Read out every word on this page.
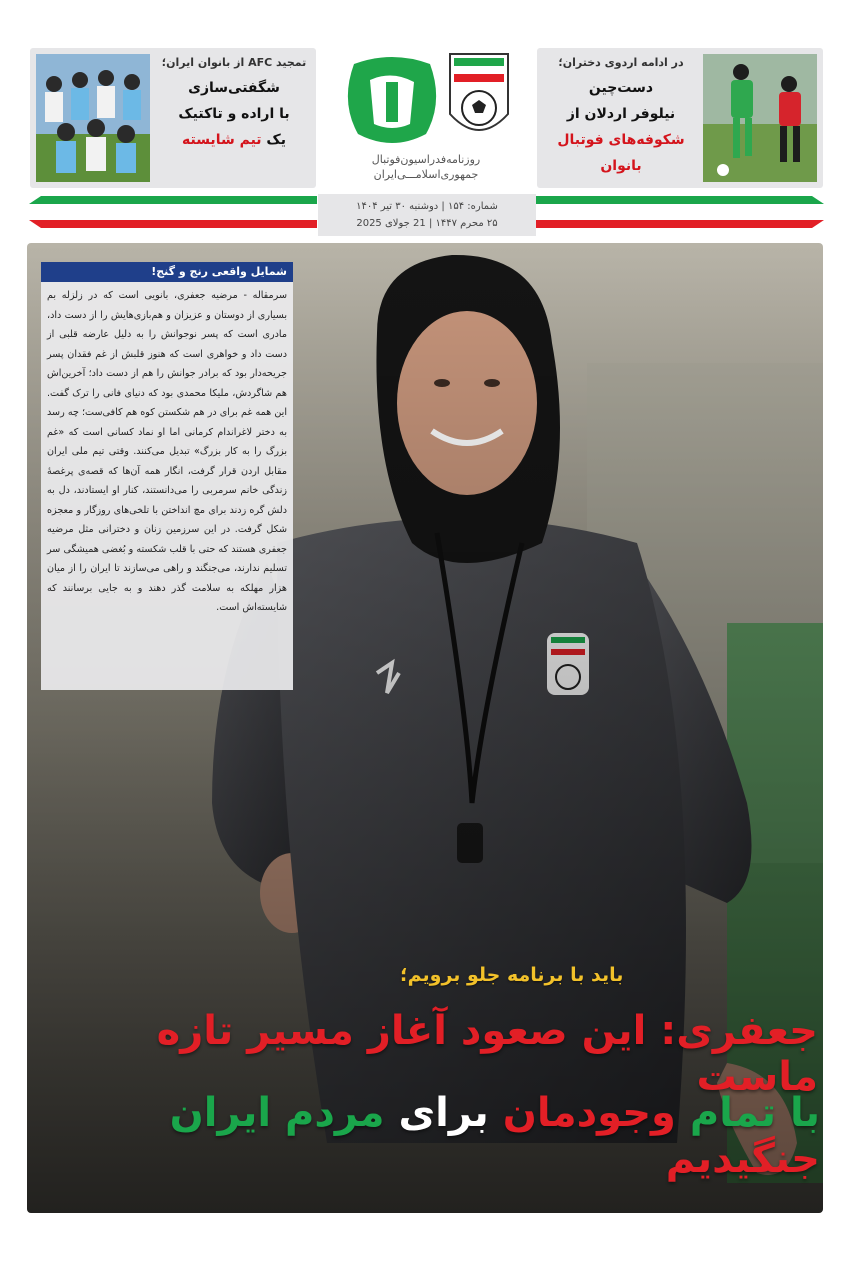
تمجید AFC از بانوان ایران؛
شگفتی‌سازی
با اراده و تاکتیک
یک تیم شایسته
در ادامه اردوی دختران؛
دست‌چین
نیلوفر اردلان از
شکوفه‌های فوتبال بانوان
روزنامه‌فدراسیون‌فوتبال
جمهوری‌اسلامـــی‌ایران
شماره: ۱۵۴ | دوشنبه ۳۰ تیر ۱۴۰۴
۲۵ محرم ۱۴۴۷ | 21 جولای 2025
شمایل واقعی رنج و گنج!
سرمقاله - مرضیه جعفری، بانویی است که در زلزله بم بسیاری از دوستان و عزیزان و هم‌بازی‌هایش را از دست داد، مادری است که پسر نوجوانش را به دلیل عارضه قلبی از دست داد و خواهری است که هنوز قلبش از غم فقدان پسر جریحه‌دار بود که برادر جوانش را هم از دست داد؛ آخرین‌اش هم شاگردش، ملیکا محمدی بود که دنیای فانی را ترک گفت. این همه غم برای در هم شکستن کوه هم کافی‌ست؛ چه رسد به دختر لاغراندام کرمانی اما او نماد کسانی است که «غم بزرگ را به کار بزرگ» تبدیل می‌کنند. وقتی تیم ملی ایران مقابل اردن قرار گرفت، انگار همه آن‌ها که قصه‌ی پرغصهٔ زندگی خانم سرمربی را می‌دانستند، کنار او ایستادند، دل به دلش گره زدند برای مچ انداختن با تلخی‌های روزگار و معجزه شکل گرفت. در این سرزمین زنان و دخترانی مثل مرضیه جعفری هستند که حتی با قلب شکسته و بُغضی همیشگی سر تسلیم ندارند، می‌جنگند و راهی می‌سازند تا ایران را از میان هزار مهلکه به سلامت گذر دهند و به جایی برسانند که شایسته‌اش است.
باید با برنامه جلو برویم؛
جعفری: این صعود آغاز مسیر تازه ماست
با تمام وجودمان برای مردم ایران جنگیدیم
